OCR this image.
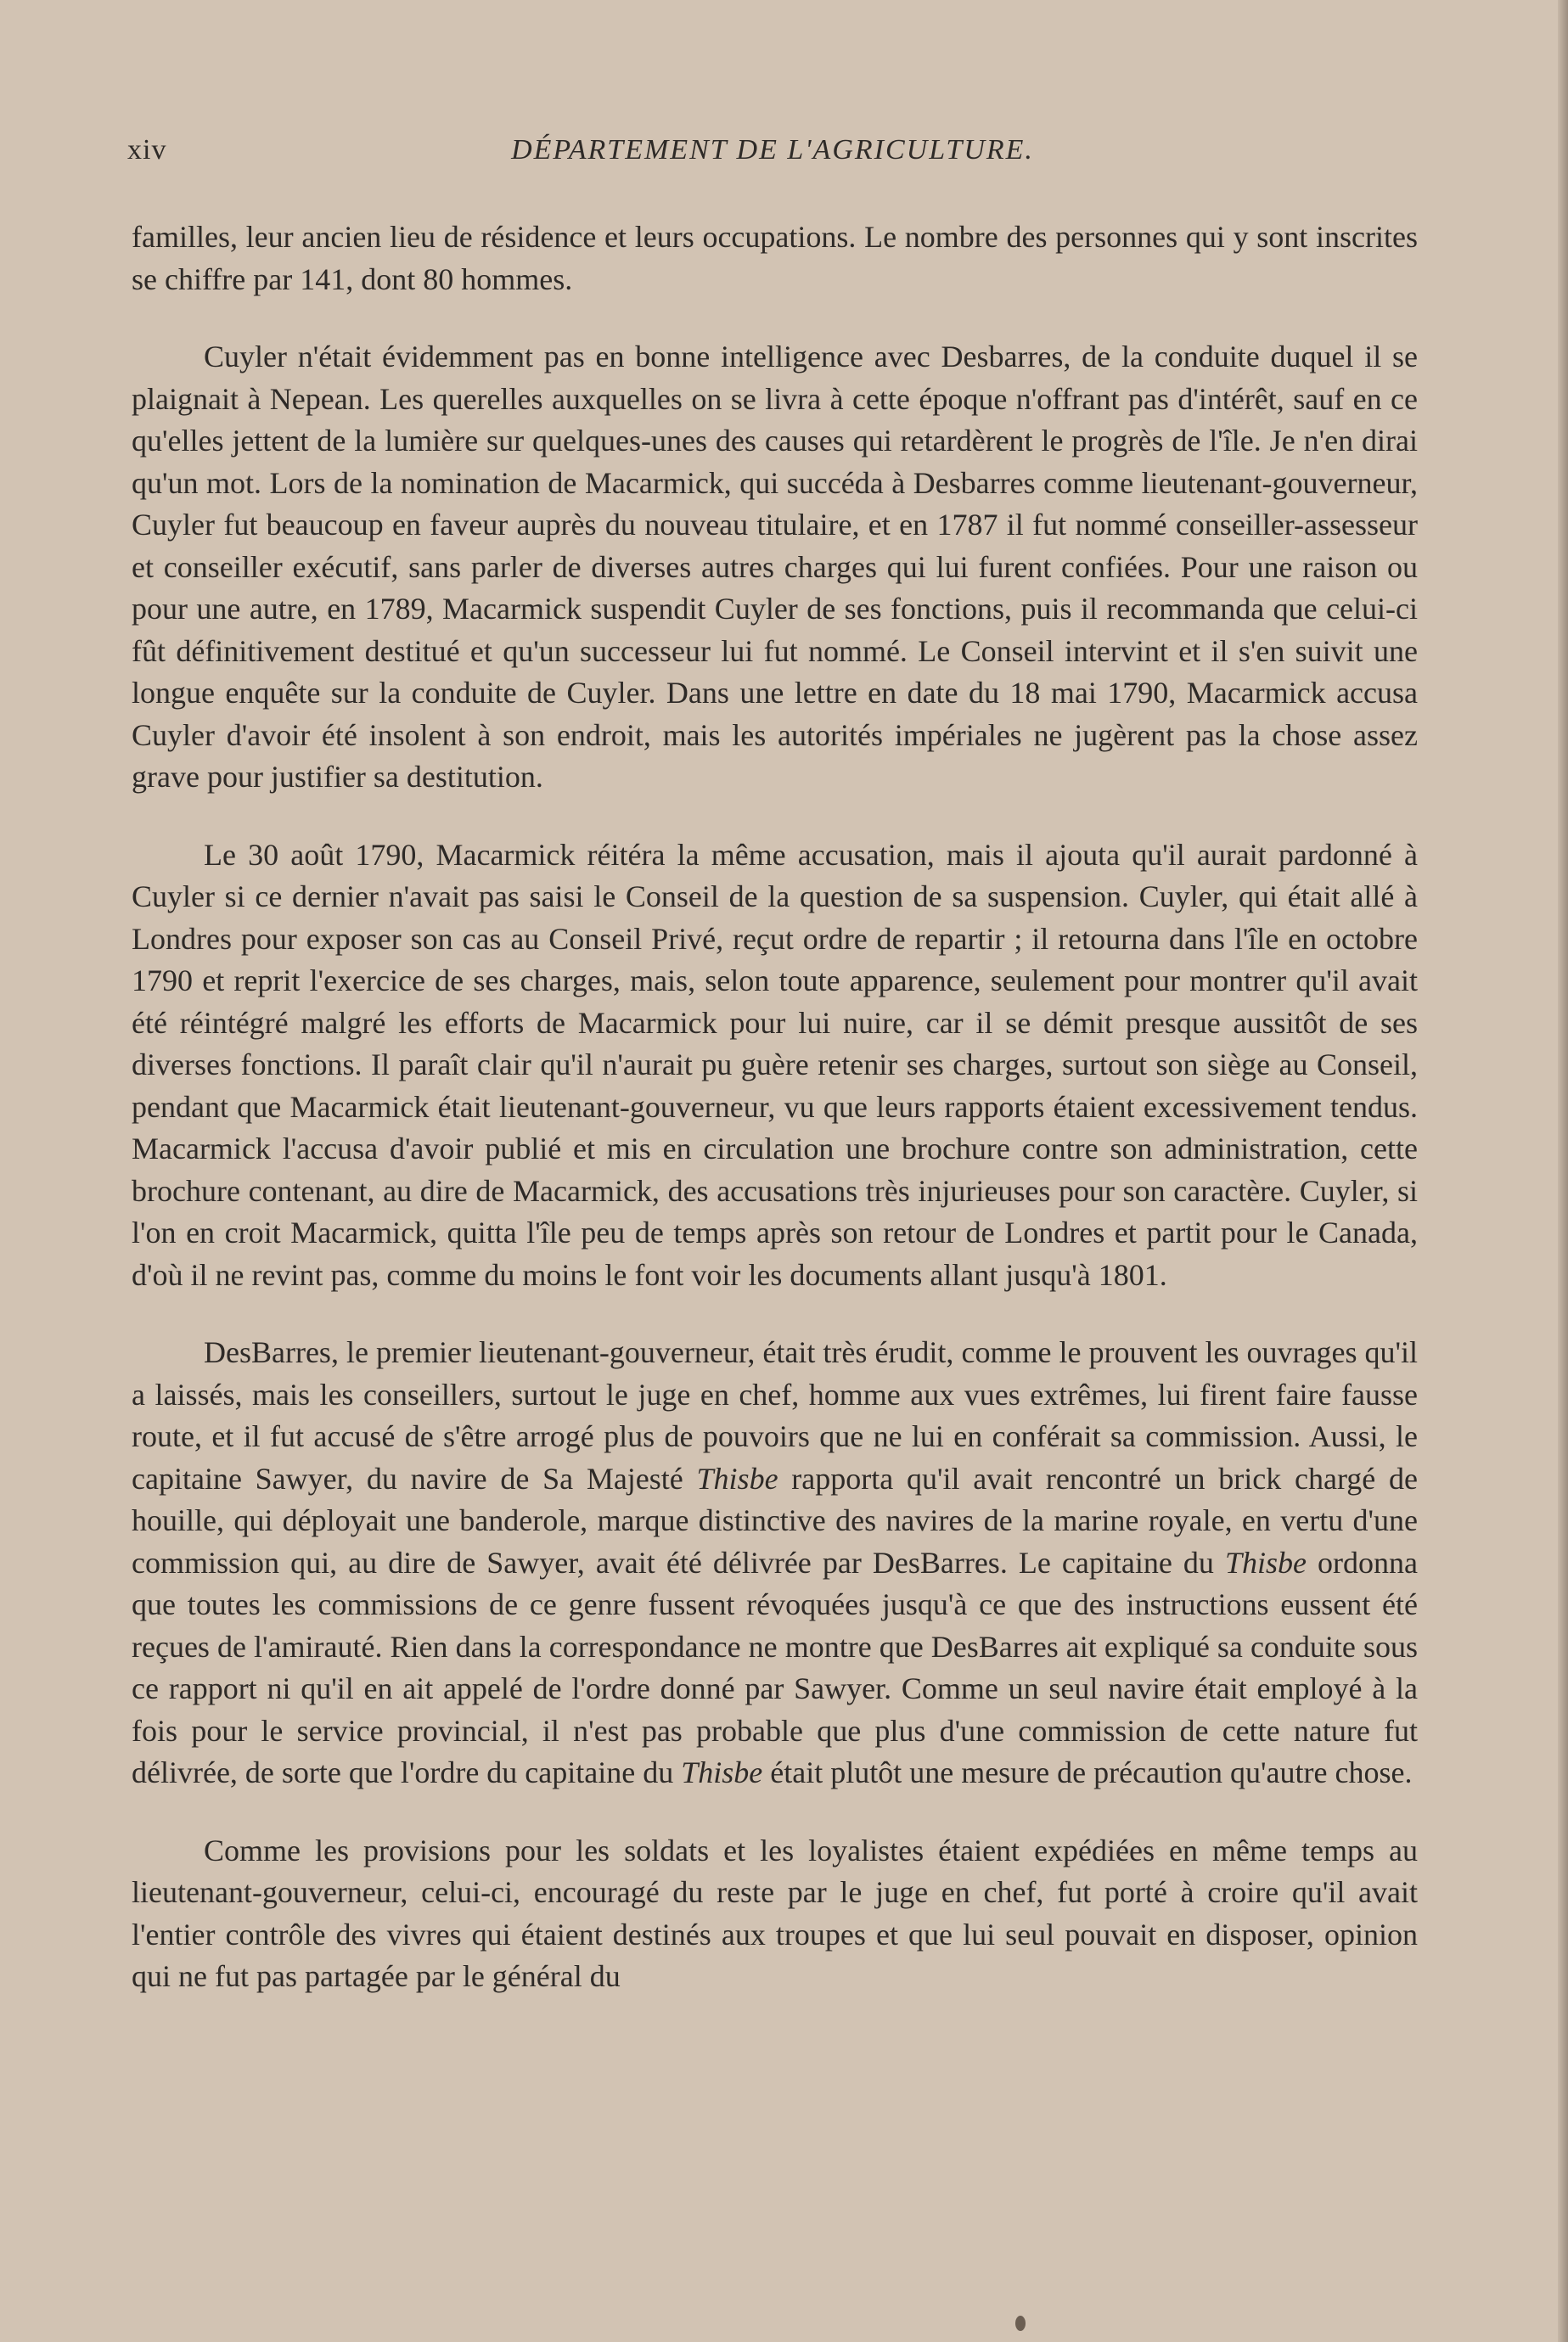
xiv	DÉPARTEMENT DE L'AGRICULTURE.

familles, leur ancien lieu de résidence et leurs occupations. Le nombre des personnes qui y sont inscrites se chiffre par 141, dont 80 hommes.

Cuyler n'était évidemment pas en bonne intelligence avec Desbarres, de la conduite duquel il se plaignait à Nepean. Les querelles auxquelles on se livra à cette époque n'offrant pas d'intérêt, sauf en ce qu'elles jettent de la lumière sur quelques-unes des causes qui retardèrent le progrès de l'île. Je n'en dirai qu'un mot. Lors de la nomination de Macarmick, qui succéda à Desbarres comme lieutenant-gouverneur, Cuyler fut beaucoup en faveur auprès du nouveau titulaire, et en 1787 il fut nommé conseiller-assesseur et conseiller exécutif, sans parler de diverses autres charges qui lui furent confiées. Pour une raison ou pour une autre, en 1789, Macarmick suspendit Cuyler de ses fonctions, puis il recommanda que celui-ci fût définitivement destitué et qu'un successeur lui fut nommé. Le Conseil intervint et il s'en suivit une longue enquête sur la conduite de Cuyler. Dans une lettre en date du 18 mai 1790, Macarmick accusa Cuyler d'avoir été insolent à son endroit, mais les autorités impériales ne jugèrent pas la chose assez grave pour justifier sa destitution.

Le 30 août 1790, Macarmick réitéra la même accusation, mais il ajouta qu'il aurait pardonné à Cuyler si ce dernier n'avait pas saisi le Conseil de la question de sa suspension. Cuyler, qui était allé à Londres pour exposer son cas au Conseil Privé, reçut ordre de repartir ; il retourna dans l'île en octobre 1790 et reprit l'exercice de ses charges, mais, selon toute apparence, seulement pour montrer qu'il avait été réintégré malgré les efforts de Macarmick pour lui nuire, car il se démit presque aussitôt de ses diverses fonctions. Il paraît clair qu'il n'aurait pu guère retenir ses charges, surtout son siège au Conseil, pendant que Macarmick était lieutenant-gouverneur, vu que leurs rapports étaient excessivement tendus. Macarmick l'accusa d'avoir publié et mis en circulation une brochure contre son administration, cette brochure contenant, au dire de Macarmick, des accusations très injurieuses pour son caractère. Cuyler, si l'on en croit Macarmick, quitta l'île peu de temps après son retour de Londres et partit pour le Canada, d'où il ne revint pas, comme du moins le font voir les documents allant jusqu'à 1801.

DesBarres, le premier lieutenant-gouverneur, était très érudit, comme le prouvent les ouvrages qu'il a laissés, mais les conseillers, surtout le juge en chef, homme aux vues extrêmes, lui firent faire fausse route, et il fut accusé de s'être arrogé plus de pouvoirs que ne lui en conférait sa commission. Aussi, le capitaine Sawyer, du navire de Sa Majesté Thisbe rapporta qu'il avait rencontré un brick chargé de houille, qui déployait une banderole, marque distinctive des navires de la marine royale, en vertu d'une commission qui, au dire de Sawyer, avait été délivrée par DesBarres. Le capitaine du Thisbe ordonna que toutes les commissions de ce genre fussent révoquées jusqu'à ce que des instructions eussent été reçues de l'amirauté. Rien dans la correspondance ne montre que DesBarres ait expliqué sa conduite sous ce rapport ni qu'il en ait appelé de l'ordre donné par Sawyer. Comme un seul navire était employé à la fois pour le service provincial, il n'est pas probable que plus d'une commission de cette nature fut délivrée, de sorte que l'ordre du capitaine du Thisbe était plutôt une mesure de précaution qu'autre chose.

Comme les provisions pour les soldats et les loyalistes étaient expédiées en même temps au lieutenant-gouverneur, celui-ci, encouragé du reste par le juge en chef, fut porté à croire qu'il avait l'entier contrôle des vivres qui étaient destinés aux troupes et que lui seul pouvait en disposer, opinion qui ne fut pas partagée par le général du
